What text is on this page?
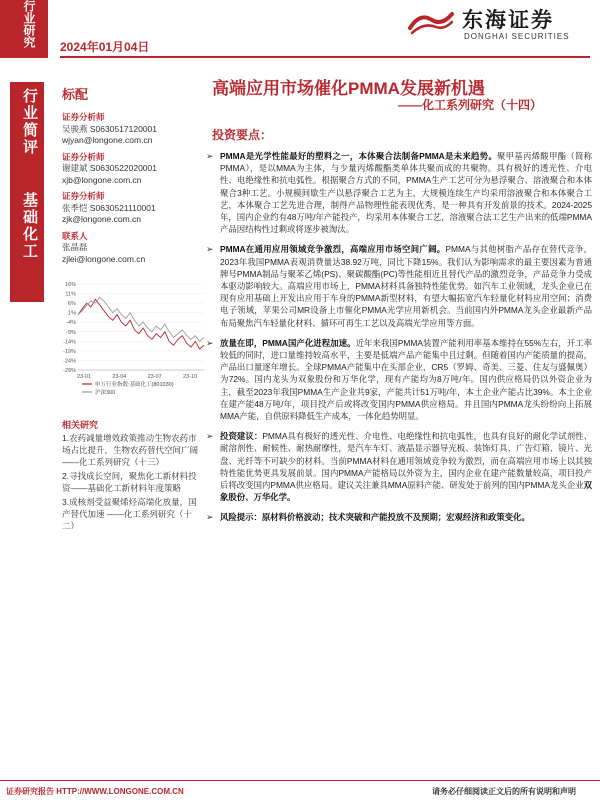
行业研究	东海证券
DONGHAI SECURITIES
2024年01月04日
行业简评
基础化工
标配
证券分析师
吴骏燕 S0630517120001
wjyan@longone.com.cn
证券分析师
谢建斌 S0630522020001
xjb@longone.com.cn
证券分析师
张季恺 S0630521110001
zjk@longone.com.cn
联系人
张晶磊
zjlei@longone.com.cn
16%
11%
6%
1%
-4%
-9%
-14%
-19%
-24%
-29%
23-01	23-04	23-07	23-10
申万行业指数:基础化工(801030)
沪深300
相关研究
1.农药减量增效政策推动生物农药市场占比提升，生物农药替代空间广阔——化工系列研究（十三）
2.寻找成长空间，聚焦化工新材料投资——基础化工新材料年度策略
3.成核剂受益聚烯烃高端化放量，国产替代加速 ——化工系列研究（十二）
高端应用市场催化PMMA发展新机遇
——化工系列研究（十四）
投资要点：
➢ PMMA是光学性能最好的塑料之一，本体聚合法制备PMMA是未来趋势。聚甲基丙烯酸甲酯（简称PMMA），是以MMA为主体，与少量丙烯酸酯类单体共聚而成的共聚物。具有极好的透光性、介电性、电绝缘性和抗电弧性。根据聚合方式的不同，PMMA生产工艺可分为悬浮聚合、溶液聚合和本体聚合3种工艺。小规模间歇生产以悬浮聚合工艺为主，大规模连续生产均采用溶液聚合和本体聚合工艺，本体聚合工艺先进合理，制得产品物理性能表现优秀，是一种具有开发前景的技术。2024-2025年，国内企业约有48万吨/年产能投产，均采用本体聚合工艺，溶液聚合法工艺生产出来的低端PMMA产品因结构性过剩或将逐步被淘汰。
➢ PMMA在通用应用领域竞争激烈，高端应用市场空间广阔。PMMA与其他树脂产品存在替代竞争，2023年我国PMMA表观消费量达38.92万吨，同比下降15%。我们认为影响需求的最主要因素为普通牌号PMMA制品与聚苯乙烯(PS)、聚碳酸酯(PC)等性能相近且替代产品的激烈竞争，产品竞争力受成本驱动影响较大。高端应用市场上，PMMA材料具备独特性能优势。如汽车工业领域，龙头企业已在现有应用基础上开发出应用于车身的PMMA新型材料，有望大幅拓宽汽车轻量化材料应用空间；消费电子领域，苹果公司MR设备上市催化PMMA光学应用新机会。当前国内外PMMA龙头企业最新产品布局聚焦汽车轻量化材料、循环可再生工艺以及高端光学应用等方面。
➢ 放量在即，PMMA国产化进程加速。近年来我国PMMA装置产能利用率基本维持在55%左右，开工率较低的同时，进口量维持较高水平，主要是低端产品产能集中且过剩。但随着国内产能质量的提高，产品出口量逐年增长。全球PMMA产能集中在头部企业，CR5（罗姆、奇美、三菱、住友与盛佩奥）为72%。国内龙头为双象股份和万华化学，现有产能均为8万吨/年。国内供应格局仍以外资企业为主，截至2023年我国PMMA生产企业共9家，产能共计51万吨/年，本土企业产能占比39%。本土企业在建产能48万吨/年，项目投产后或将改变国内PMMA供应格局。并且国内PMMA龙头纷纷向上拓展MMA产能，自供原料降低生产成本，一体化趋势明显。
➢ 投资建议：PMMA具有极好的透光性、介电性、电绝缘性和抗电弧性，也具有良好的耐化学试剂性、耐溶剂性、耐候性、耐热耐摩性，是汽车车灯、液晶显示器导光板、装饰灯具、广告灯箱、镜片、光盘、光纤等不可缺少的材料。当前PMMA材料在通用领域竞争较为激烈，而在高端应用市场上以其独特性能优势更具发展前景。国内PMMA产能格局以外资为主，国内企业在建产能数量较高，项目投产后将改变国内PMMA供应格局。建议关注兼具MMA原料产能、研发处于前列的国内PMMA龙头企业双象股份、万华化学。
➢ 风险提示：原材料价格波动；技术突破和产能投放不及预期；宏观经济和政策变化。
证券研究报告 HTTP://WWW.LONGONE.COM.CN	请务必仔细阅读正文后的所有说明和声明
